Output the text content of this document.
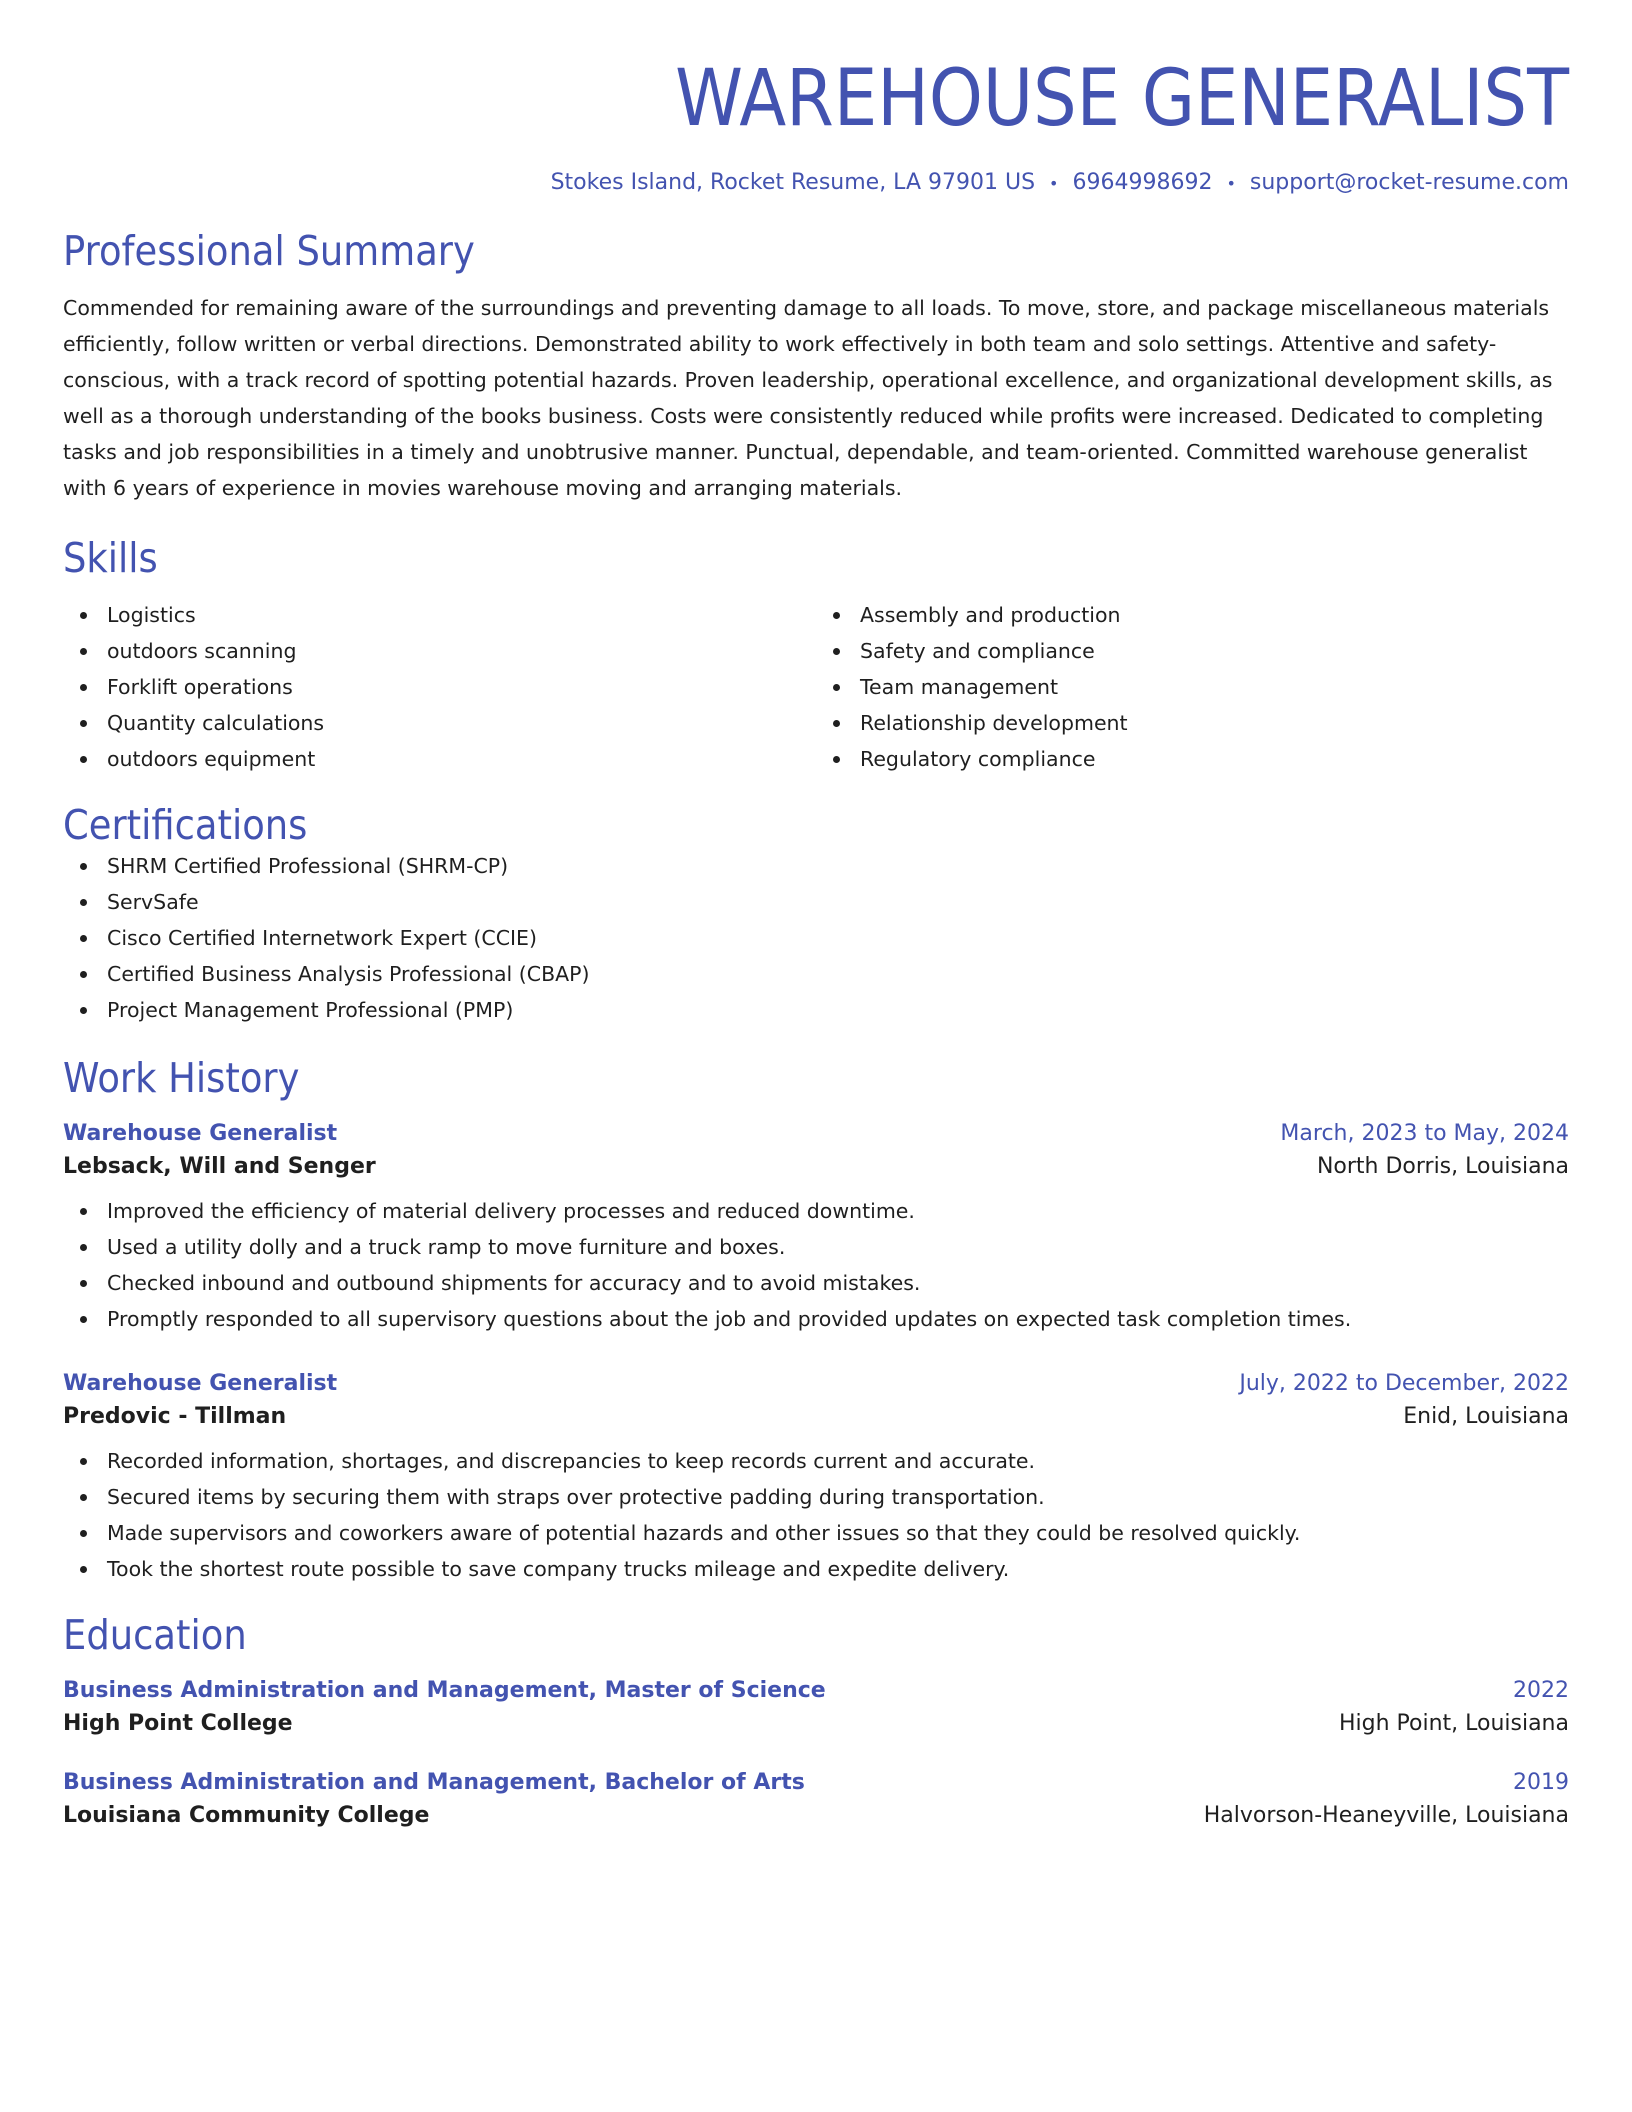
WAREHOUSE GENERALIST
Stokes Island, Rocket Resume, LA 97901 US • 6964998692 • support@rocket-resume.com
Professional Summary
Commended for remaining aware of the surroundings and preventing damage to all loads. To move, store, and package miscellaneous materials efficiently, follow written or verbal directions. Demonstrated ability to work effectively in both team and solo settings. Attentive and safety-conscious, with a track record of spotting potential hazards. Proven leadership, operational excellence, and organizational development skills, as well as a thorough understanding of the books business. Costs were consistently reduced while profits were increased. Dedicated to completing tasks and job responsibilities in a timely and unobtrusive manner. Punctual, dependable, and team-oriented. Committed warehouse generalist with 6 years of experience in movies warehouse moving and arranging materials.
Skills
Logistics
outdoors scanning
Forklift operations
Quantity calculations
outdoors equipment
Assembly and production
Safety and compliance
Team management
Relationship development
Regulatory compliance
Certifications
SHRM Certified Professional (SHRM-CP)
ServSafe
Cisco Certified Internetwork Expert (CCIE)
Certified Business Analysis Professional (CBAP)
Project Management Professional (PMP)
Work History
Warehouse Generalist	March, 2023 to May, 2024
Lebsack, Will and Senger	North Dorris, Louisiana
Improved the efficiency of material delivery processes and reduced downtime.
Used a utility dolly and a truck ramp to move furniture and boxes.
Checked inbound and outbound shipments for accuracy and to avoid mistakes.
Promptly responded to all supervisory questions about the job and provided updates on expected task completion times.
Warehouse Generalist	July, 2022 to December, 2022
Predovic - Tillman	Enid, Louisiana
Recorded information, shortages, and discrepancies to keep records current and accurate.
Secured items by securing them with straps over protective padding during transportation.
Made supervisors and coworkers aware of potential hazards and other issues so that they could be resolved quickly.
Took the shortest route possible to save company trucks mileage and expedite delivery.
Education
Business Administration and Management, Master of Science	2022
High Point College	High Point, Louisiana
Business Administration and Management, Bachelor of Arts	2019
Louisiana Community College	Halvorson-Heaneyville, Louisiana
